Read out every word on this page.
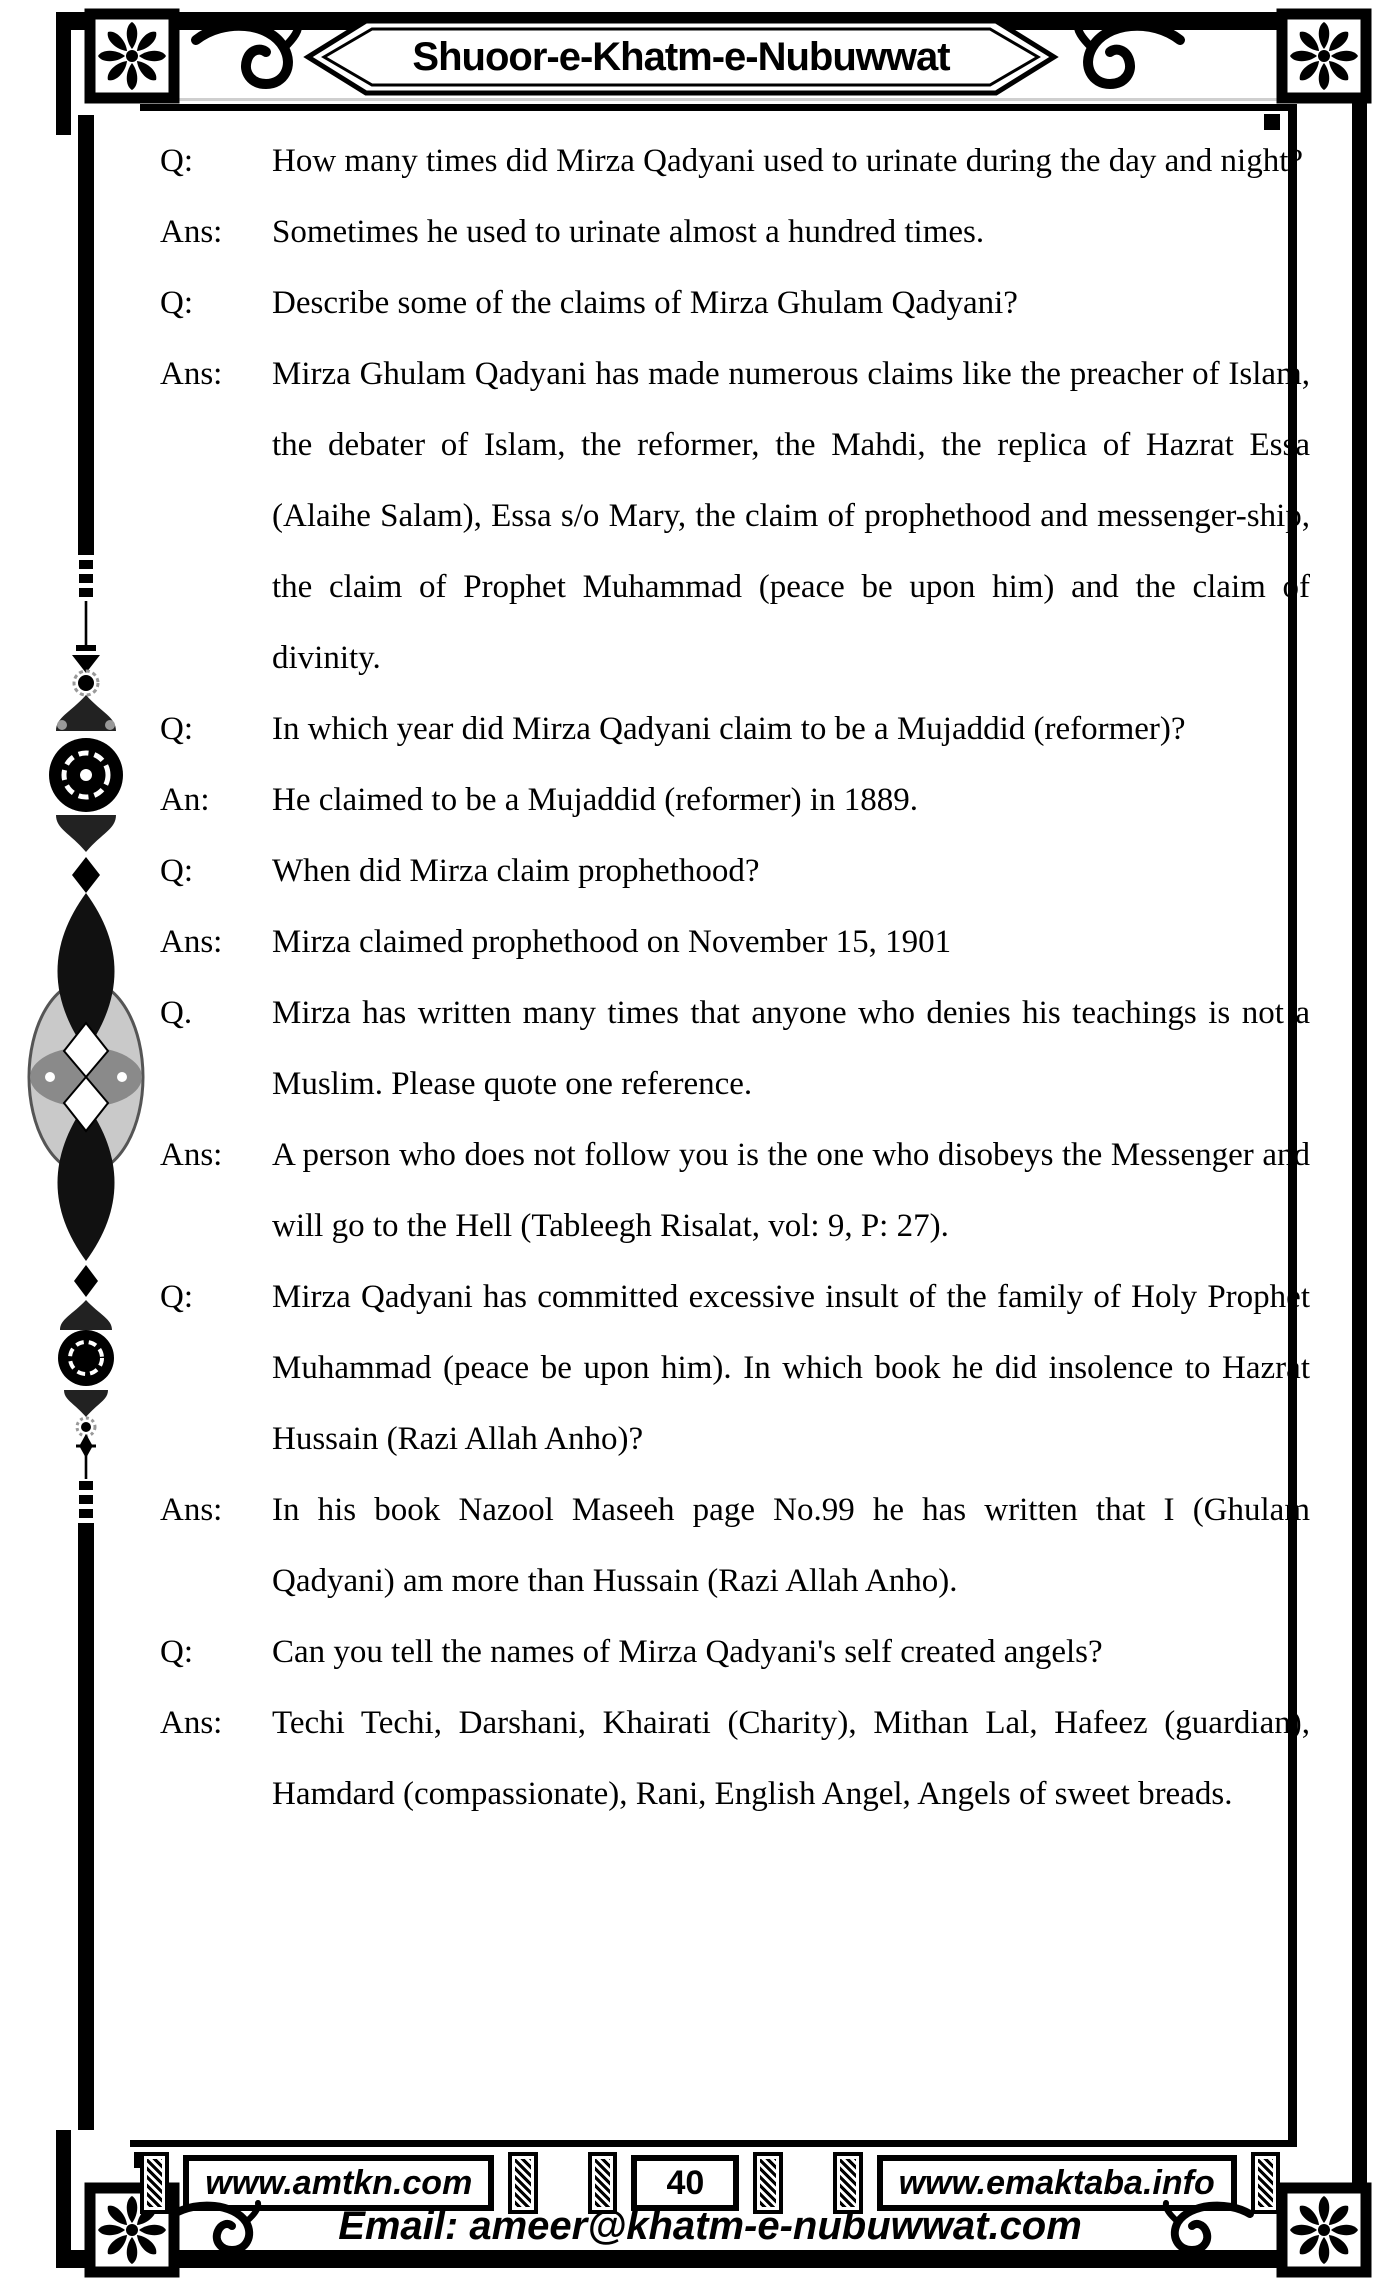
Shuoor-e-Khatm-e-Nubuwwat
Q:	How many times did Mirza Qadyani used to urinate during the day and night?
Ans:	Sometimes he used to urinate almost a hundred times.
Q:	Describe some of the claims of Mirza Ghulam Qadyani?
Ans:	Mirza Ghulam Qadyani has made numerous claims like the preacher of Islam, the debater of Islam, the reformer, the Mahdi, the replica of Hazrat Essa (Alaihe Salam), Essa s/o Mary, the claim of prophethood and messenger-ship, the claim of Prophet Muhammad (peace be upon him) and the claim of divinity.
Q:	In which year did Mirza Qadyani claim to be a Mujaddid (reformer)?
An:	He claimed to be a Mujaddid (reformer) in 1889.
Q:	When did Mirza claim prophethood?
Ans:	Mirza claimed prophethood on November 15, 1901
Q.	Mirza has written many times that anyone who denies his teachings is not a Muslim. Please quote one reference.
Ans:	A person who does not follow you is the one who disobeys the Messenger and will go to the Hell (Tableegh Risalat, vol: 9, P: 27).
Q:	Mirza Qadyani has committed excessive insult of the family of Holy Prophet Muhammad (peace be upon him). In which book he did insolence to Hazrat Hussain (Razi Allah Anho)?
Ans:	In his book Nazool Maseeh page No.99 he has written that I (Ghulam Qadyani) am more than Hussain (Razi Allah Anho).
Q:	Can you tell the names of Mirza Qadyani's self created angels?
Ans:	Techi Techi, Darshani, Khairati (Charity), Mithan Lal, Hafeez (guardian), Hamdard (compassionate), Rani, English Angel, Angels of sweet breads.
www.amtkn.com	40	www.emaktaba.info
Email: ameer@khatm-e-nubuwwat.com
